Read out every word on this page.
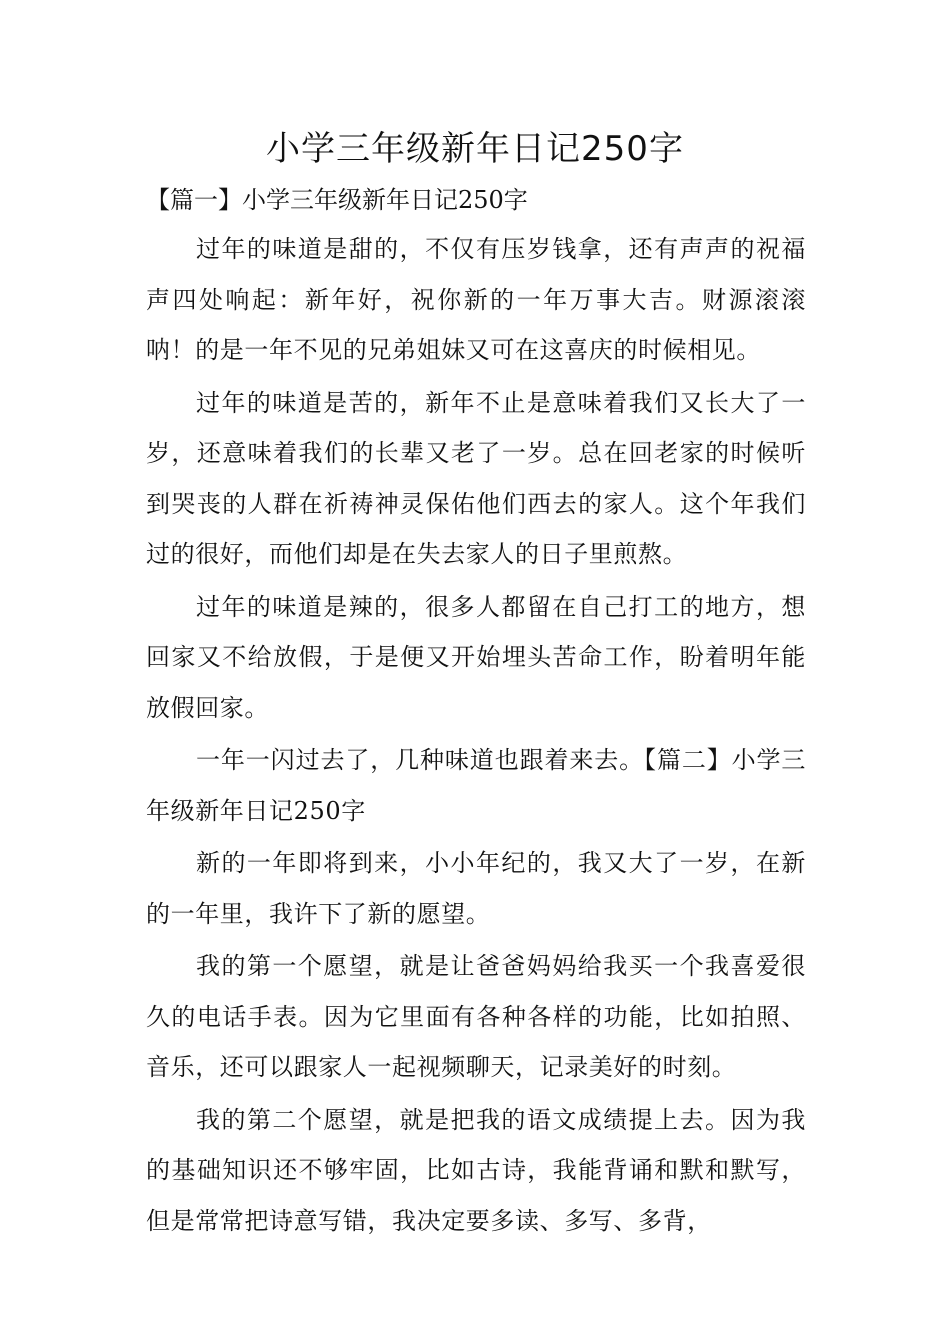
小学三年级新年日记250字

【篇一】小学三年级新年日记250字

过年的味道是甜的，不仅有压岁钱拿，还有声声的祝福声四处响起：新年好，祝你新的一年万事大吉。财源滚滚呐！的是一年不见的兄弟姐妹又可在这喜庆的时候相见。

过年的味道是苦的，新年不止是意味着我们又长大了一岁，还意味着我们的长辈又老了一岁。总在回老家的时候听到哭丧的人群在祈祷神灵保佑他们西去的家人。这个年我们过的很好，而他们却是在失去家人的日子里煎熬。

过年的味道是辣的，很多人都留在自己打工的地方，想回家又不给放假，于是便又开始埋头苦命工作，盼着明年能放假回家。

一年一闪过去了，几种味道也跟着来去。【篇二】小学三年级新年日记250字

新的一年即将到来，小小年纪的，我又大了一岁，在新的一年里，我许下了新的愿望。

我的第一个愿望，就是让爸爸妈妈给我买一个我喜爱很久的电话手表。因为它里面有各种各样的功能，比如拍照、音乐，还可以跟家人一起视频聊天，记录美好的时刻。

我的第二个愿望，就是把我的语文成绩提上去。因为我的基础知识还不够牢固，比如古诗，我能背诵和默和默写，但是常常把诗意写错，我决定要多读、多写、多背，
